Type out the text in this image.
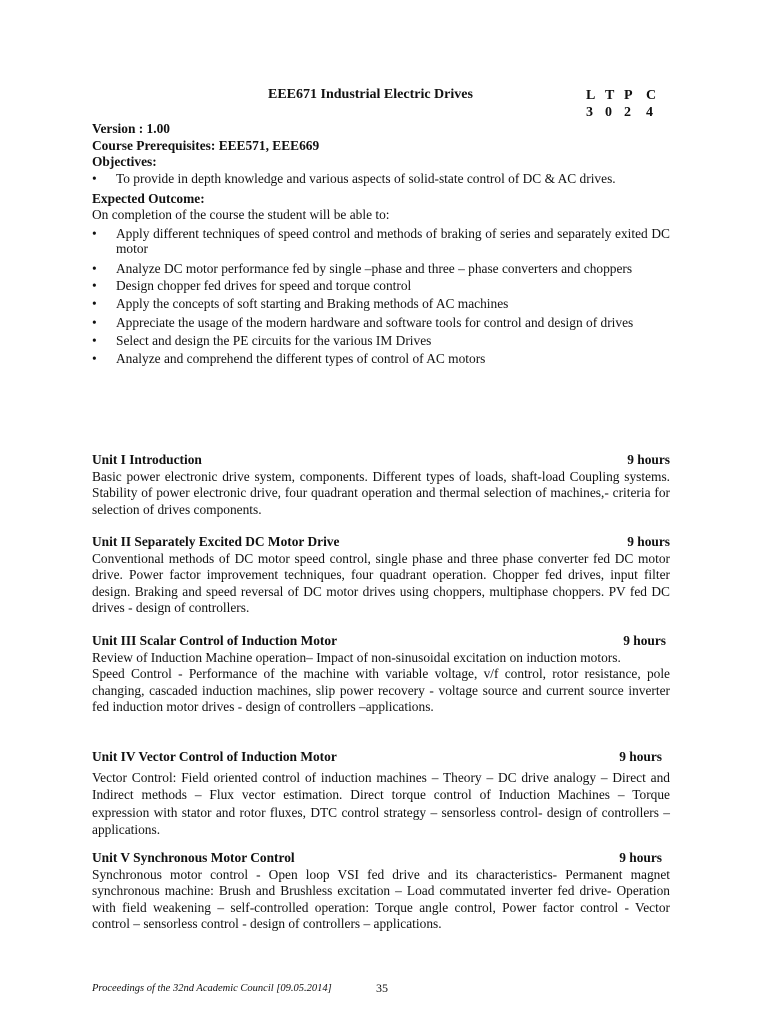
EEE671 Industrial Electric Drives	L T P C
3 0 2	4
Version : 1.00
Course Prerequisites: EEE571, EEE669
Objectives:
• To provide in depth knowledge and various aspects of solid-state control of DC & AC drives.
Expected Outcome:
On completion of the course the student will be able to:
• Apply different techniques of speed control and methods of braking of series and separately exited DC motor
• Analyze DC motor performance fed by single –phase and three – phase converters and choppers
• Design chopper fed drives for speed and torque control
• Apply the concepts of soft starting and Braking methods of AC machines
• Appreciate the usage of the modern hardware and software tools for control and design of drives
• Select and design the PE circuits for the various IM Drives
• Analyze and comprehend the different types of control of AC motors
Unit I Introduction	9 hours
Basic power electronic drive system, components. Different types of loads, shaft-load Coupling systems. Stability of power electronic drive, four quadrant operation and thermal selection of machines,- criteria for selection of drives components.
Unit II Separately Excited DC Motor Drive	9 hours
Conventional methods of DC motor speed control, single phase and three phase converter fed DC motor drive. Power factor improvement techniques, four quadrant operation. Chopper fed drives, input filter design. Braking and speed reversal of DC motor drives using choppers, multiphase choppers. PV fed DC drives - design of controllers.
Unit III Scalar Control of Induction Motor	9 hours
Review of Induction Machine operation– Impact of non-sinusoidal excitation on induction motors.
Speed Control - Performance of the machine with variable voltage, v/f control, rotor resistance, pole changing, cascaded induction machines, slip power recovery - voltage source and current source inverter fed induction motor drives - design of controllers –applications.
Unit IV Vector Control of Induction Motor	9 hours
Vector Control: Field oriented control of induction machines – Theory – DC drive analogy – Direct and Indirect methods – Flux vector estimation. Direct torque control of Induction Machines – Torque expression with stator and rotor fluxes, DTC control strategy – sensorless control- design of controllers – applications.
Unit V Synchronous Motor Control	9 hours
Synchronous motor control - Open loop VSI fed drive and its characteristics- Permanent magnet synchronous machine: Brush and Brushless excitation – Load commutated inverter fed drive- Operation with field weakening – self-controlled operation: Torque angle control, Power factor control - Vector control – sensorless control - design of controllers – applications.
Proceedings of the 32nd Academic Council [09.05.2014]	35
